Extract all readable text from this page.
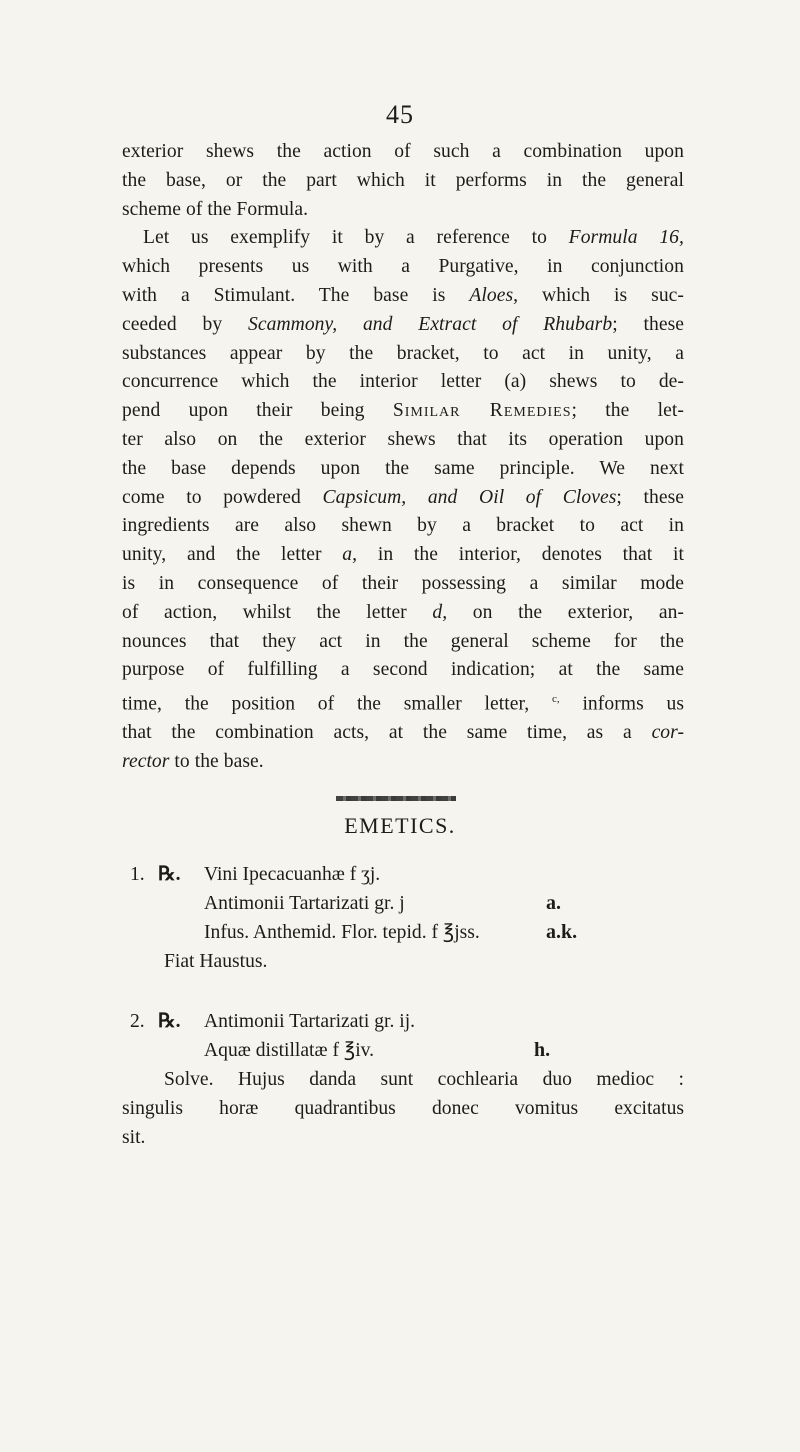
45
exterior shews the action of such a combination upon
the base, or the part which it performs in the general
scheme of the Formula.
Let us exemplify it by a reference to Formula 16,
which presents us with a Purgative, in conjunction
with a Stimulant. The base is Aloes, which is suc-
ceeded by Scammony, and Extract of Rhubarb; these
substances appear by the bracket, to act in unity, a
concurrence which the interior letter (a) shews to de-
pend upon their being Similar Remedies; the let-
ter also on the exterior shews that its operation upon
the base depends upon the same principle. We next
come to powdered Capsicum, and Oil of Cloves; these
ingredients are also shewn by a bracket to act in
unity, and the letter a, in the interior, denotes that it
is in consequence of their possessing a similar mode
of action, whilst the letter d, on the exterior, an-
nounces that they act in the general scheme for the
purpose of fulfilling a second indication; at the same
time, the position of the smaller letter, $^{c,}$ informs us
that the combination acts, at the same time, as a cor-
rector to the base.
EMETICS.
1. ℞. Vini Ipecacuanhæ f ʒj.
Antimonii Tartarizati gr. j	a.
Infus. Anthemid. Flor. tepid. f ℥jss.	a.k.
Fiat Haustus.
2. ℞. Antimonii Tartarizati gr. ij.
Aquæ distillatæ f ℥iv.	h.
Solve. Hujus danda sunt cochlearia duo medioc :
singulis horæ quadrantibus donec vomitus excitatus
sit.
